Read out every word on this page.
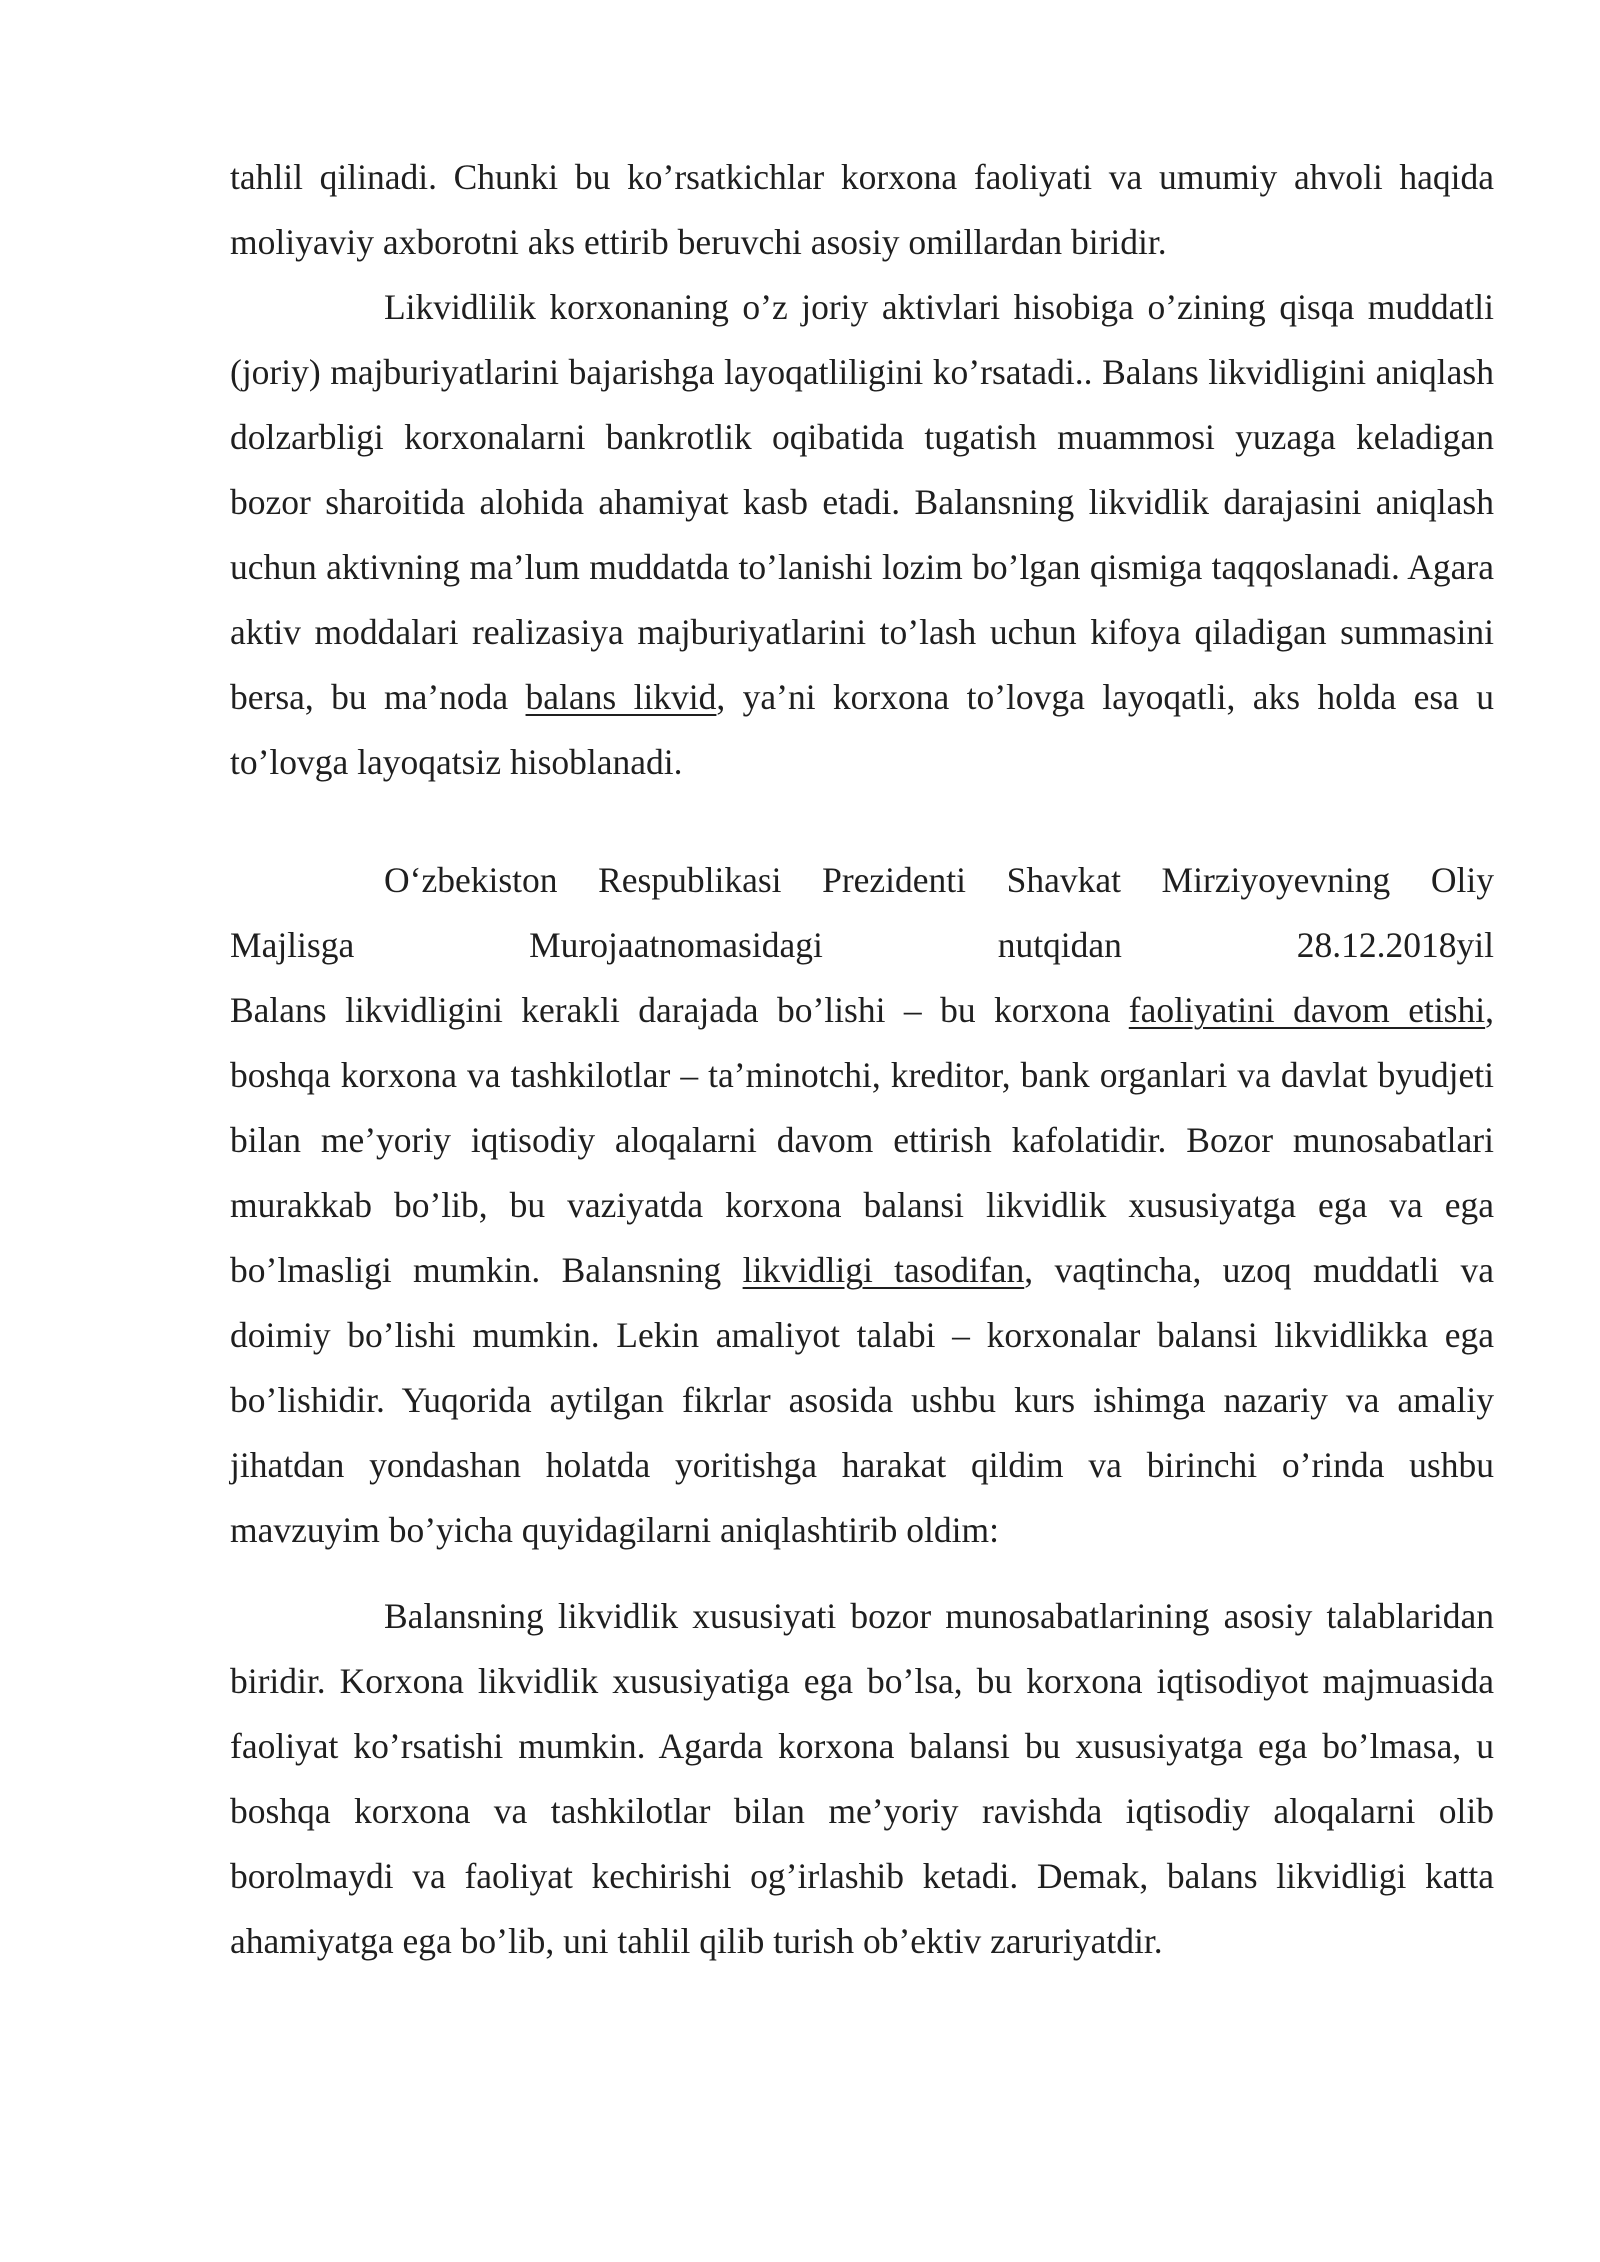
tahlil qilinadi. Chunki bu ko’rsatkichlar korxona faoliyati va umumiy ahvoli haqida moliyaviy axborotni aks ettirib beruvchi asosiy omillardan biridir.

Likvidlilik korxonaning o’z joriy aktivlari hisobiga o’zining qisqa muddatli (joriy) majburiyatlarini bajarishga layoqatliligini ko’rsatadi.. Balans likvidligini aniqlash dolzarbligi korxonalarni bankrotlik oqibatida tugatish muammosi yuzaga keladigan bozor sharoitida alohida ahamiyat kasb etadi. Balansning likvidlik darajasini aniqlash uchun aktivning ma’lum muddatda to’lanishi lozim bo’lgan qismiga taqqoslanadi. Agara aktiv moddalari realizasiya majburiyatlarini to’lash uchun kifoya qiladigan summasini bersa, bu ma’noda balans likvid, ya’ni korxona to’lovga layoqatli, aks holda esa u to’lovga layoqatsiz hisoblanadi.

O‘zbekiston Respublikasi Prezidenti Shavkat Mirziyoyevning Oliy

Majlisga Murojaatnomasidagi nutqidan 28.12.2018yil

Balans likvidligini kerakli darajada bo’lishi – bu korxona faoliyatini davom etishi, boshqa korxona va tashkilotlar – ta’minotchi, kreditor, bank organlari va davlat byudjeti bilan me’yoriy iqtisodiy aloqalarni davom ettirish kafolatidir. Bozor munosabatlari murakkab bo’lib, bu vaziyatda korxona balansi likvidlik xususiyatga ega va ega bo’lmasligi mumkin. Balansning likvidligi tasodifan, vaqtincha, uzoq muddatli va doimiy bo’lishi mumkin. Lekin amaliyot talabi – korxonalar balansi likvidlikka ega bo’lishidir. Yuqorida aytilgan fikrlar asosida ushbu kurs ishimga nazariy va amaliy jihatdan yondashan holatda yoritishga harakat qildim va birinchi o’rinda ushbu mavzuyim bo’yicha quyidagilarni aniqlashtirib oldim:

Balansning likvidlik xususiyati bozor munosabatlarining asosiy talablaridan biridir. Korxona likvidlik xususiyatiga ega bo’lsa, bu korxona iqtisodiyot majmuasida faoliyat ko’rsatishi mumkin. Agarda korxona balansi bu xususiyatga ega bo’lmasa, u boshqa korxona va tashkilotlar bilan me’yoriy ravishda iqtisodiy aloqalarni olib borolmaydi va faoliyat kechirishi og’irlashib ketadi. Demak, balans likvidligi katta ahamiyatga ega bo’lib, uni tahlil qilib turish ob’ektiv zaruriyatdir.
